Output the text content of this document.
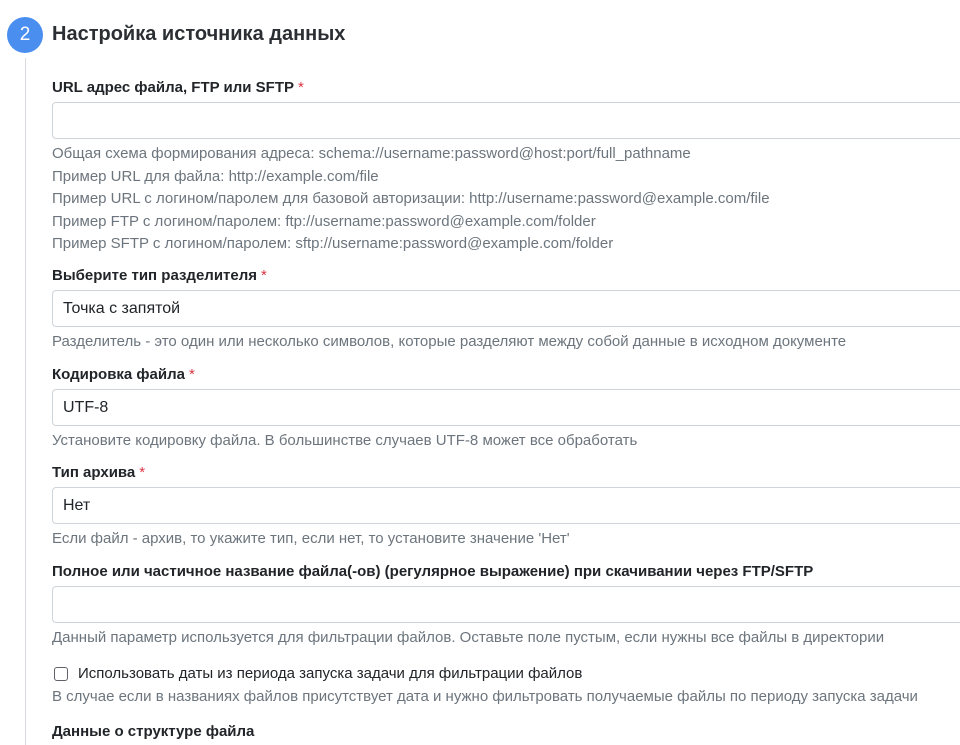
2	Настройка источника данных
URL адрес файла, FTP или SFTP *
Общая схема формирования адреса: schema://username:password@host:port/full_pathname
Пример URL для файла: http://example.com/file
Пример URL с логином/паролем для базовой авторизации: http://username:password@example.com/file
Пример FTP с логином/паролем: ftp://username:password@example.com/folder
Пример SFTP с логином/паролем: sftp://username:password@example.com/folder
Выберите тип разделителя *
Точка с запятой
Разделитель - это один или несколько символов, которые разделяют между собой данные в исходном документе
Кодировка файла *
UTF-8
Установите кодировку файла. В большинстве случаев UTF-8 может все обработать
Тип архива *
Нет
Если файл - архив, то укажите тип, если нет, то установите значение 'Нет'
Полное или частичное название файла(-ов) (регулярное выражение) при скачивании через FTP/SFTP
Данный параметр используется для фильтрации файлов. Оставьте поле пустым, если нужны все файлы в директории
Использовать даты из периода запуска задачи для фильтрации файлов
В случае если в названиях файлов присутствует дата и нужно фильтровать получаемые файлы по периоду запуска задачи
Данные о структуре файла
